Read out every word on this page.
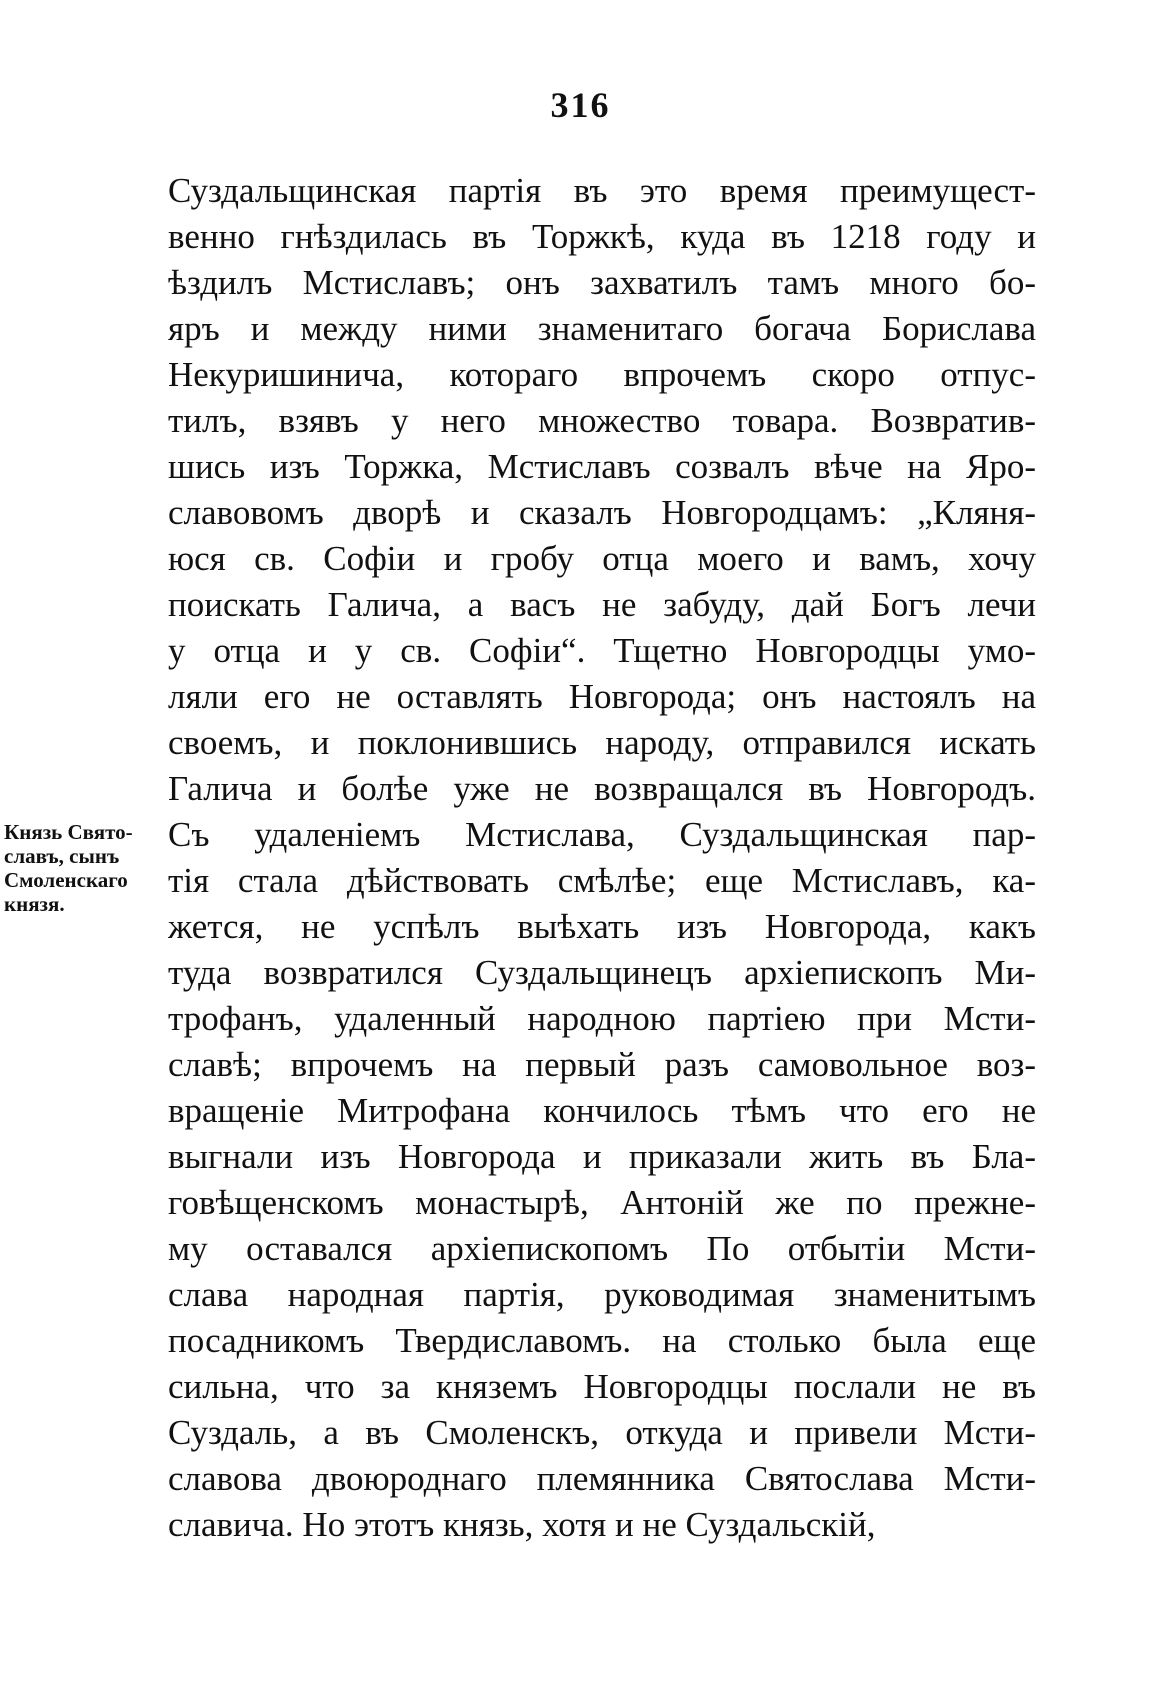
316
Князь Свято-
славъ, сынъ
Смоленскаго
князя.
Суздальщинская партія въ это время преимущест-
венно гнѣздилась въ Торжкѣ, куда въ 1218 году и
ѣздилъ Мстиславъ; онъ захватилъ тамъ много бо-
яръ и между ними знаменитаго богача Борислава
Некуришинича, котораго впрочемъ скоро отпус-
тилъ, взявъ у него множество товара. Возвратив-
шись изъ Торжка, Мстиславъ созвалъ вѣче на Яро-
славовомъ дворѣ и сказалъ Новгородцамъ: „Кляня-
юся св. Софіи и гробу отца моего и вамъ, хочу
поискать Галича, а васъ не забуду, дай Богъ лечи
у отца и у св. Софіи“. Тщетно Новгородцы умо-
ляли его не оставлять Новгорода; онъ настоялъ на
своемъ, и поклонившись народу, отправился искать
Галича и болѣе уже не возвращался въ Новгородъ.
Съ удаленіемъ Мстислава, Суздальщинская пар-
тія стала дѣйствовать смѣлѣе; еще Мстиславъ, ка-
жется, не успѣлъ выѣхать изъ Новгорода, какъ
туда возвратился Суздальщинецъ архіепископъ Ми-
трофанъ, удаленный народною партіею при Мсти-
славѣ; впрочемъ на первый разъ самовольное воз-
вращеніе Митрофана кончилось тѣмъ что его не
выгнали изъ Новгорода и приказали жить въ Бла-
говѣщенскомъ монастырѣ, Антоній же по прежне-
му оставался архіепископомъ По отбытіи Мсти-
слава народная партія, руководимая знаменитымъ
посадникомъ Твердиславомъ. на столько была еще
сильна, что за княземъ Новгородцы послали не въ
Суздаль, а въ Смоленскъ, откуда и привели Мсти-
славова двоюроднаго племянника Святослава Мсти-
славича. Но этотъ князь, хотя и не Суздальскій,
